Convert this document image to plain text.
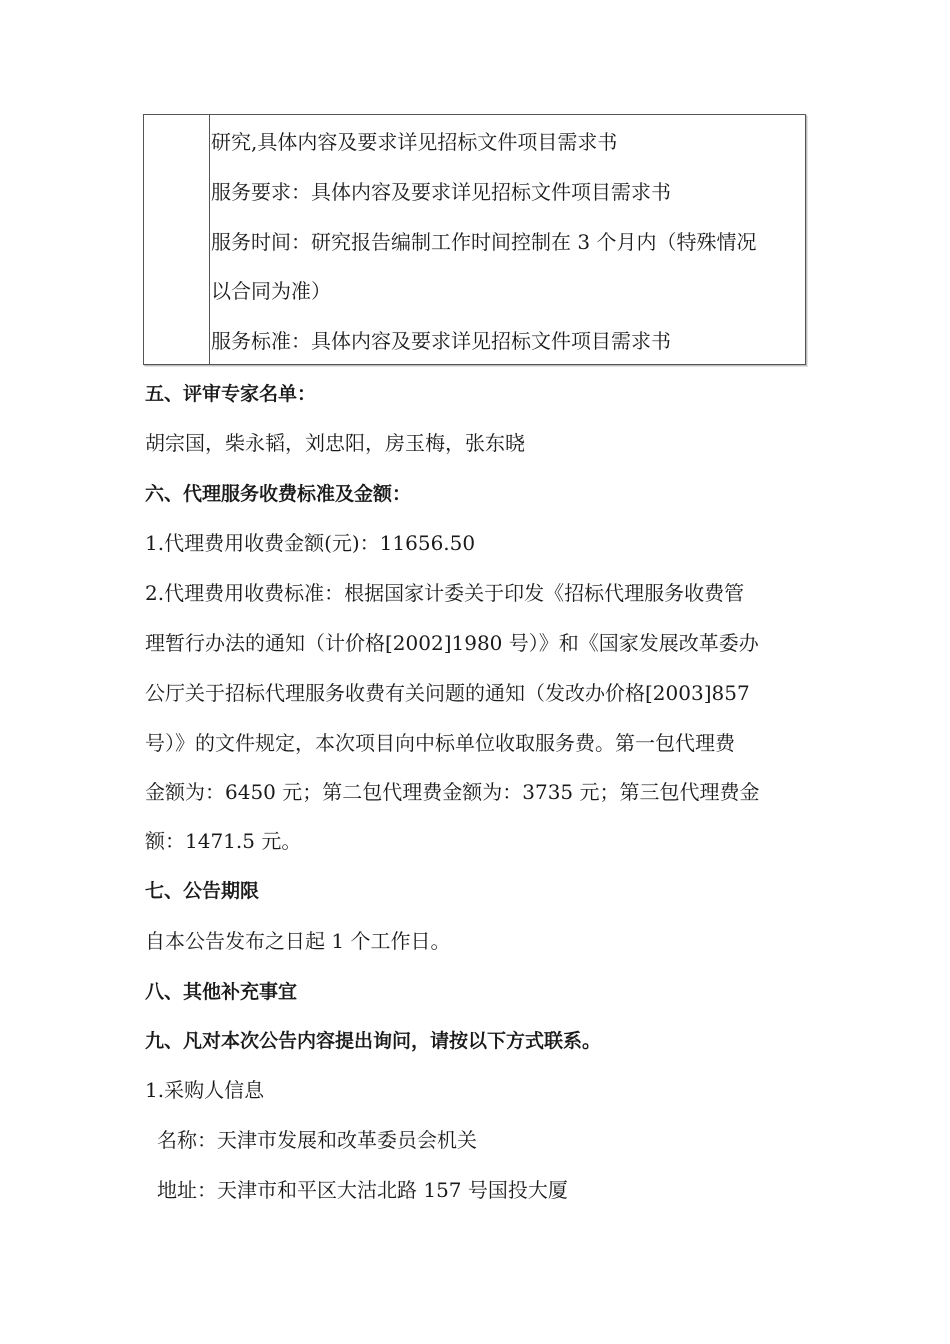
研究,具体内容及要求详见招标文件项目需求书
服务要求：具体内容及要求详见招标文件项目需求书
服务时间：研究报告编制工作时间控制在 3 个月内（特殊情况
以合同为准）
服务标准：具体内容及要求详见招标文件项目需求书
五、评审专家名单：
胡宗国，柴永韬，刘忠阳，房玉梅，张东晓
六、代理服务收费标准及金额：
1.代理费用收费金额(元)：11656.50
2.代理费用收费标准：根据国家计委关于印发《招标代理服务收费管
理暂行办法的通知（计价格[2002]1980 号）》和《国家发展改革委办
公厅关于招标代理服务收费有关问题的通知（发改办价格[2003]857
号）》的文件规定，本次项目向中标单位收取服务费。第一包代理费
金额为：6450 元；第二包代理费金额为：3735 元；第三包代理费金
额：1471.5 元。
七、公告期限
自本公告发布之日起 1 个工作日。
八、其他补充事宜
九、凡对本次公告内容提出询问，请按以下方式联系。
1.采购人信息
名称：天津市发展和改革委员会机关
地址：天津市和平区大沽北路 157 号国投大厦
